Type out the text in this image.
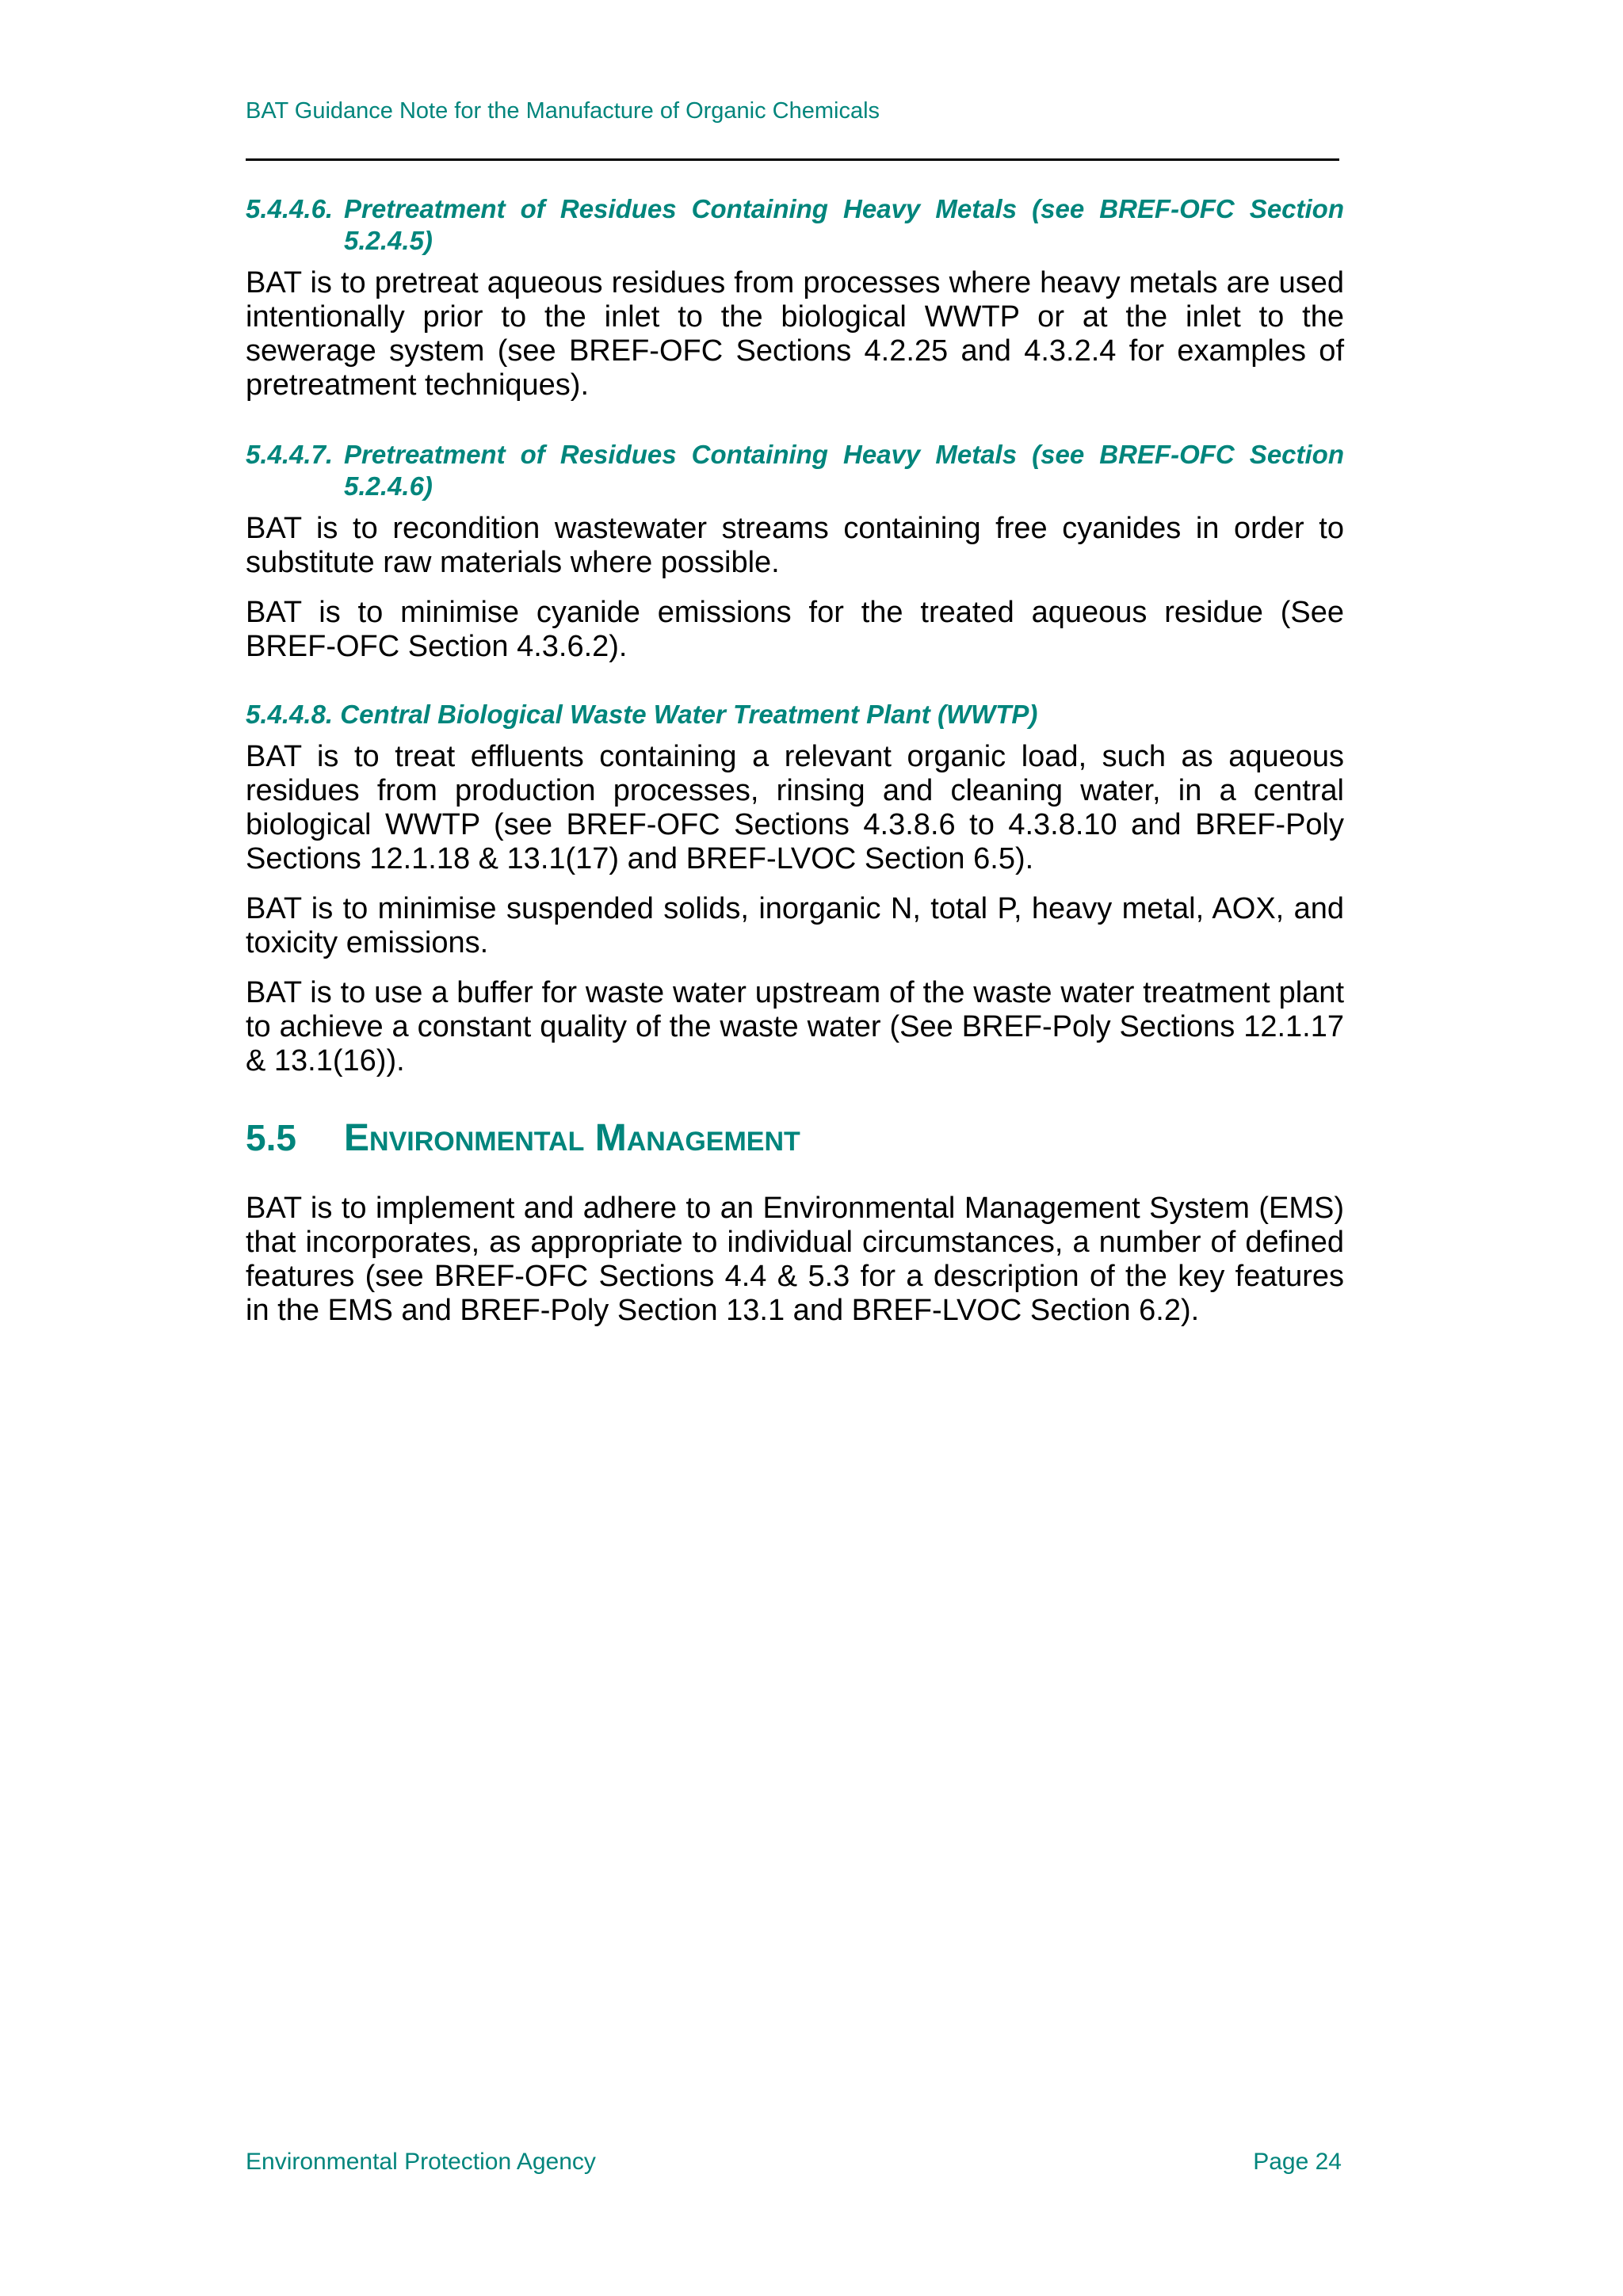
BAT Guidance Note for the Manufacture of Organic Chemicals
5.4.4.6. Pretreatment of Residues Containing Heavy Metals (see BREF-OFC Section 5.2.4.5)

BAT is to pretreat aqueous residues from processes where heavy metals are used intentionally prior to the inlet to the biological WWTP or at the inlet to the sewerage system (see BREF-OFC Sections 4.2.25 and 4.3.2.4 for examples of pretreatment techniques).

5.4.4.7. Pretreatment of Residues Containing Heavy Metals (see BREF-OFC Section 5.2.4.6)

BAT is to recondition wastewater streams containing free cyanides in order to substitute raw materials where possible.

BAT is to minimise cyanide emissions for the treated aqueous residue (See BREF-OFC Section 4.3.6.2).

5.4.4.8. Central Biological Waste Water Treatment Plant (WWTP)

BAT is to treat effluents containing a relevant organic load, such as aqueous residues from production processes, rinsing and cleaning water, in a central biological WWTP (see BREF-OFC Sections 4.3.8.6 to 4.3.8.10 and BREF-Poly Sections 12.1.18 & 13.1(17) and BREF-LVOC Section 6.5).

BAT is to minimise suspended solids, inorganic N, total P, heavy metal, AOX, and toxicity emissions.

BAT is to use a buffer for waste water upstream of the waste water treatment plant to achieve a constant quality of the waste water (See BREF-Poly Sections 12.1.17 & 13.1(16)).

5.5	Environmental Management

BAT is to implement and adhere to an Environmental Management System (EMS) that incorporates, as appropriate to individual circumstances, a number of defined features (see BREF-OFC Sections 4.4 & 5.3 for a description of the key features in the EMS and BREF-Poly Section 13.1 and BREF-LVOC Section 6.2).

Environmental Protection Agency	Page 24
